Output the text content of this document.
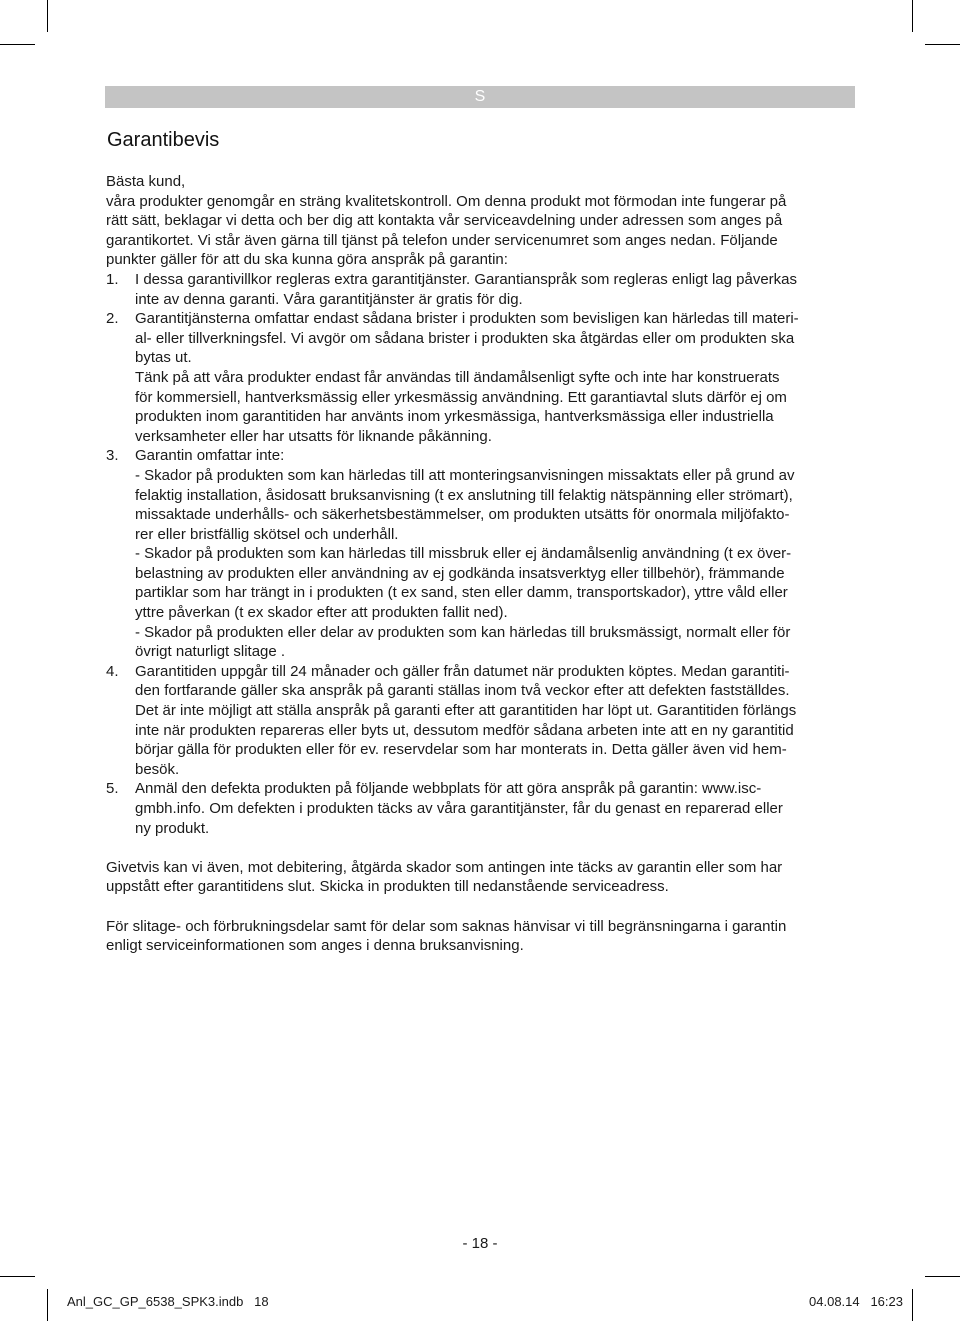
S
Garantibevis

Bästa kund,
våra produkter genomgår en sträng kvalitetskontroll. Om denna produkt mot förmodan inte fungerar på
rätt sätt, beklagar vi detta och ber dig att kontakta vår serviceavdelning under adressen som anges på
garantikortet. Vi står även gärna till tjänst på telefon under servicenumret som anges nedan. Följande
punkter gäller för att du ska kunna göra anspråk på garantin:

1. I dessa garantivillkor regleras extra garantitjänster. Garantianspråk som regleras enligt lag påverkas
inte av denna garanti. Våra garantitjänster är gratis för dig.
2. Garantitjänsterna omfattar endast sådana brister i produkten som bevisligen kan härledas till materi-
al- eller tillverkningsfel. Vi avgör om sådana brister i produkten ska åtgärdas eller om produkten ska
bytas ut.
Tänk på att våra produkter endast får användas till ändamålsenligt syfte och inte har konstruerats
för kommersiell, hantverksmässig eller yrkesmässig användning. Ett garantiavtal sluts därför ej om
produkten inom garantitiden har använts inom yrkesmässiga, hantverksmässiga eller industriella
verksamheter eller har utsatts för liknande påkänning.
3. Garantin omfattar inte:
- Skador på produkten som kan härledas till att monteringsanvisningen missaktats eller på grund av
felaktig installation, åsidosatt bruksanvisning (t ex anslutning till felaktig nätspänning eller strömart),
missaktade underhålls- och säkerhetsbestämmelser, om produkten utsätts för onormala miljöfakto-
rer eller bristfällig skötsel och underhåll.
- Skador på produkten som kan härledas till missbruk eller ej ändamålsenlig användning (t ex över-
belastning av produkten eller användning av ej godkända insatsverktyg eller tillbehör), främmande
partiklar som har trängt in i produkten (t ex sand, sten eller damm, transportskador), yttre våld eller
yttre påverkan (t ex skador efter att produkten fallit ned).
- Skador på produkten eller delar av produkten som kan härledas till bruksmässigt, normalt eller för
övrigt naturligt slitage .
4. Garantitiden uppgår till 24 månader och gäller från datumet när produkten köptes. Medan garantiti-
den fortfarande gäller ska anspråk på garanti ställas inom två veckor efter att defekten fastställdes.
Det är inte möjligt att ställa anspråk på garanti efter att garantitiden har löpt ut. Garantitiden förlängs
inte när produkten repareras eller byts ut, dessutom medför sådana arbeten inte att en ny garantitid
börjar gälla för produkten eller för ev. reservdelar som har monterats in. Detta gäller även vid hem-
besök.
5. Anmäl den defekta produkten på följande webbplats för att göra anspråk på garantin: www.isc-
gmbh.info. Om defekten i produkten täcks av våra garantitjänster, får du genast en reparerad eller
ny produkt.

Givetvis kan vi även, mot debitering, åtgärda skador som antingen inte täcks av garantin eller som har
uppstått efter garantitidens slut. Skicka in produkten till nedanstående serviceadress.

För slitage- och förbrukningsdelar samt för delar som saknas hänvisar vi till begränsningarna i garantin
enligt serviceinformationen som anges i denna bruksanvisning.

- 18 -
Anl_GC_GP_6538_SPK3.indb   18	04.08.14   16:23
